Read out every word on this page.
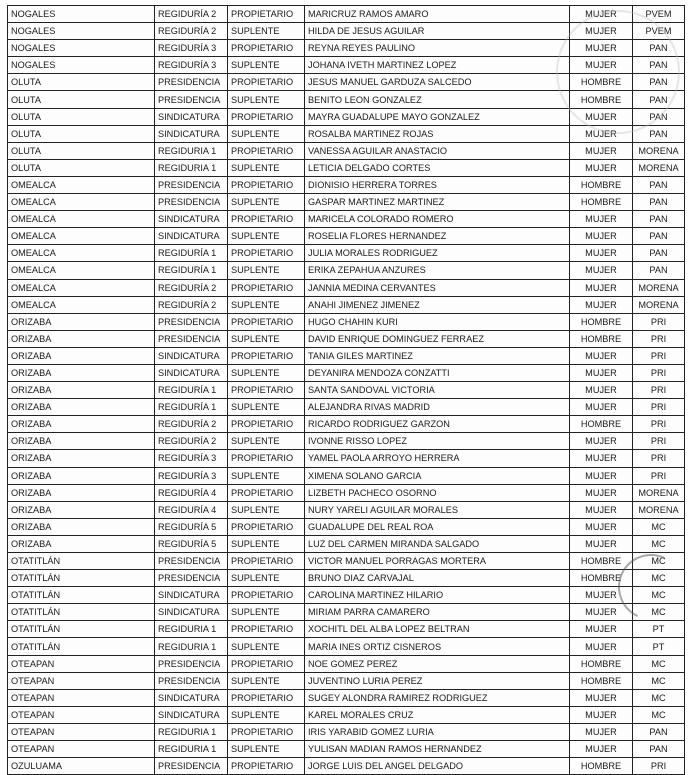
NOGALES	REGIDURÍA 2	PROPIETARIO	MARICRUZ RAMOS AMARO	MUJER	PVEM
NOGALES	REGIDURÍA 2	SUPLENTE	HILDA DE JESUS AGUILAR	MUJER	PVEM
NOGALES	REGIDURÍA 3	PROPIETARIO	REYNA REYES PAULINO	MUJER	PAN
NOGALES	REGIDURÍA 3	SUPLENTE	JOHANA IVETH MARTINEZ LOPEZ	MUJER	PAN
OLUTA	PRESIDENCIA	PROPIETARIO	JESUS MANUEL GARDUZA SALCEDO	HOMBRE	PAN
OLUTA	PRESIDENCIA	SUPLENTE	BENITO LEON GONZALEZ	HOMBRE	PAN
OLUTA	SINDICATURA	PROPIETARIO	MAYRA GUADALUPE MAYO GONZALEZ	MUJER	PAN
OLUTA	SINDICATURA	SUPLENTE	ROSALBA MARTINEZ ROJAS	MUJER	PAN
OLUTA	REGIDURIA 1	PROPIETARIO	VANESSA AGUILAR ANASTACIO	MUJER	MORENA
OLUTA	REGIDURIA 1	SUPLENTE	LETICIA DELGADO CORTES	MUJER	MORENA
OMEALCA	PRESIDENCIA	PROPIETARIO	DIONISIO HERRERA TORRES	HOMBRE	PAN
OMEALCA	PRESIDENCIA	SUPLENTE	GASPAR MARTINEZ MARTINEZ	HOMBRE	PAN
OMEALCA	SINDICATURA	PROPIETARIO	MARICELA COLORADO ROMERO	MUJER	PAN
OMEALCA	SINDICATURA	SUPLENTE	ROSELIA FLORES HERNANDEZ	MUJER	PAN
OMEALCA	REGIDURÍA 1	PROPIETARIO	JULIA MORALES RODRIGUEZ	MUJER	PAN
OMEALCA	REGIDURÍA 1	SUPLENTE	ERIKA ZEPAHUA ANZURES	MUJER	PAN
OMEALCA	REGIDURÍA 2	PROPIETARIO	JANNIA MEDINA CERVANTES	MUJER	MORENA
OMEALCA	REGIDURÍA 2	SUPLENTE	ANAHI JIMENEZ JIMENEZ	MUJER	MORENA
ORIZABA	PRESIDENCIA	PROPIETARIO	HUGO CHAHIN KURI	HOMBRE	PRI
ORIZABA	PRESIDENCIA	SUPLENTE	DAVID ENRIQUE DOMINGUEZ FERRAEZ	HOMBRE	PRI
ORIZABA	SINDICATURA	PROPIETARIO	TANIA GILES MARTINEZ	MUJER	PRI
ORIZABA	SINDICATURA	SUPLENTE	DEYANIRA MENDOZA CONZATTI	MUJER	PRI
ORIZABA	REGIDURÍA 1	PROPIETARIO	SANTA SANDOVAL VICTORIA	MUJER	PRI
ORIZABA	REGIDURÍA 1	SUPLENTE	ALEJANDRA RIVAS MADRID	MUJER	PRI
ORIZABA	REGIDURÍA 2	PROPIETARIO	RICARDO RODRIGUEZ GARZON	HOMBRE	PRI
ORIZABA	REGIDURÍA 2	SUPLENTE	IVONNE RISSO LOPEZ	MUJER	PRI
ORIZABA	REGIDURÍA 3	PROPIETARIO	YAMEL PAOLA ARROYO HERRERA	MUJER	PRI
ORIZABA	REGIDURÍA 3	SUPLENTE	XIMENA SOLANO GARCIA	MUJER	PRI
ORIZABA	REGIDURÍA 4	PROPIETARIO	LIZBETH PACHECO OSORNO	MUJER	MORENA
ORIZABA	REGIDURÍA 4	SUPLENTE	NURY YARELI AGUILAR MORALES	MUJER	MORENA
ORIZABA	REGIDURÍA 5	PROPIETARIO	GUADALUPE DEL REAL ROA	MUJER	MC
ORIZABA	REGIDURÍA 5	SUPLENTE	LUZ DEL CARMEN MIRANDA SALGADO	MUJER	MC
OTATITLÁN	PRESIDENCIA	PROPIETARIO	VICTOR MANUEL PORRAGAS MORTERA	HOMBRE	MC
OTATITLÁN	PRESIDENCIA	SUPLENTE	BRUNO DIAZ CARVAJAL	HOMBRE	MC
OTATITLÁN	SINDICATURA	PROPIETARIO	CAROLINA MARTINEZ HILARIO	MUJER	MC
OTATITLÁN	SINDICATURA	SUPLENTE	MIRIAM PARRA CAMARERO	MUJER	MC
OTATITLÁN	REGIDURIA 1	PROPIETARIO	XOCHITL DEL ALBA LOPEZ BELTRAN	MUJER	PT
OTATITLÁN	REGIDURIA 1	SUPLENTE	MARIA INES ORTIZ CISNEROS	MUJER	PT
OTEAPAN	PRESIDENCIA	PROPIETARIO	NOE GOMEZ PEREZ	HOMBRE	MC
OTEAPAN	PRESIDENCIA	SUPLENTE	JUVENTINO LURIA PEREZ	HOMBRE	MC
OTEAPAN	SINDICATURA	PROPIETARIO	SUGEY ALONDRA RAMIREZ RODRIGUEZ	MUJER	MC
OTEAPAN	SINDICATURA	SUPLENTE	KAREL MORALES CRUZ	MUJER	MC
OTEAPAN	REGIDURIA 1	PROPIETARIO	IRIS YARABID GOMEZ LURIA	MUJER	PAN
OTEAPAN	REGIDURIA 1	SUPLENTE	YULISAN MADIAN RAMOS HERNANDEZ	MUJER	PAN
OZULUAMA	PRESIDENCIA	PROPIETARIO	JORGE LUIS DEL ANGEL DELGADO	HOMBRE	PRI
